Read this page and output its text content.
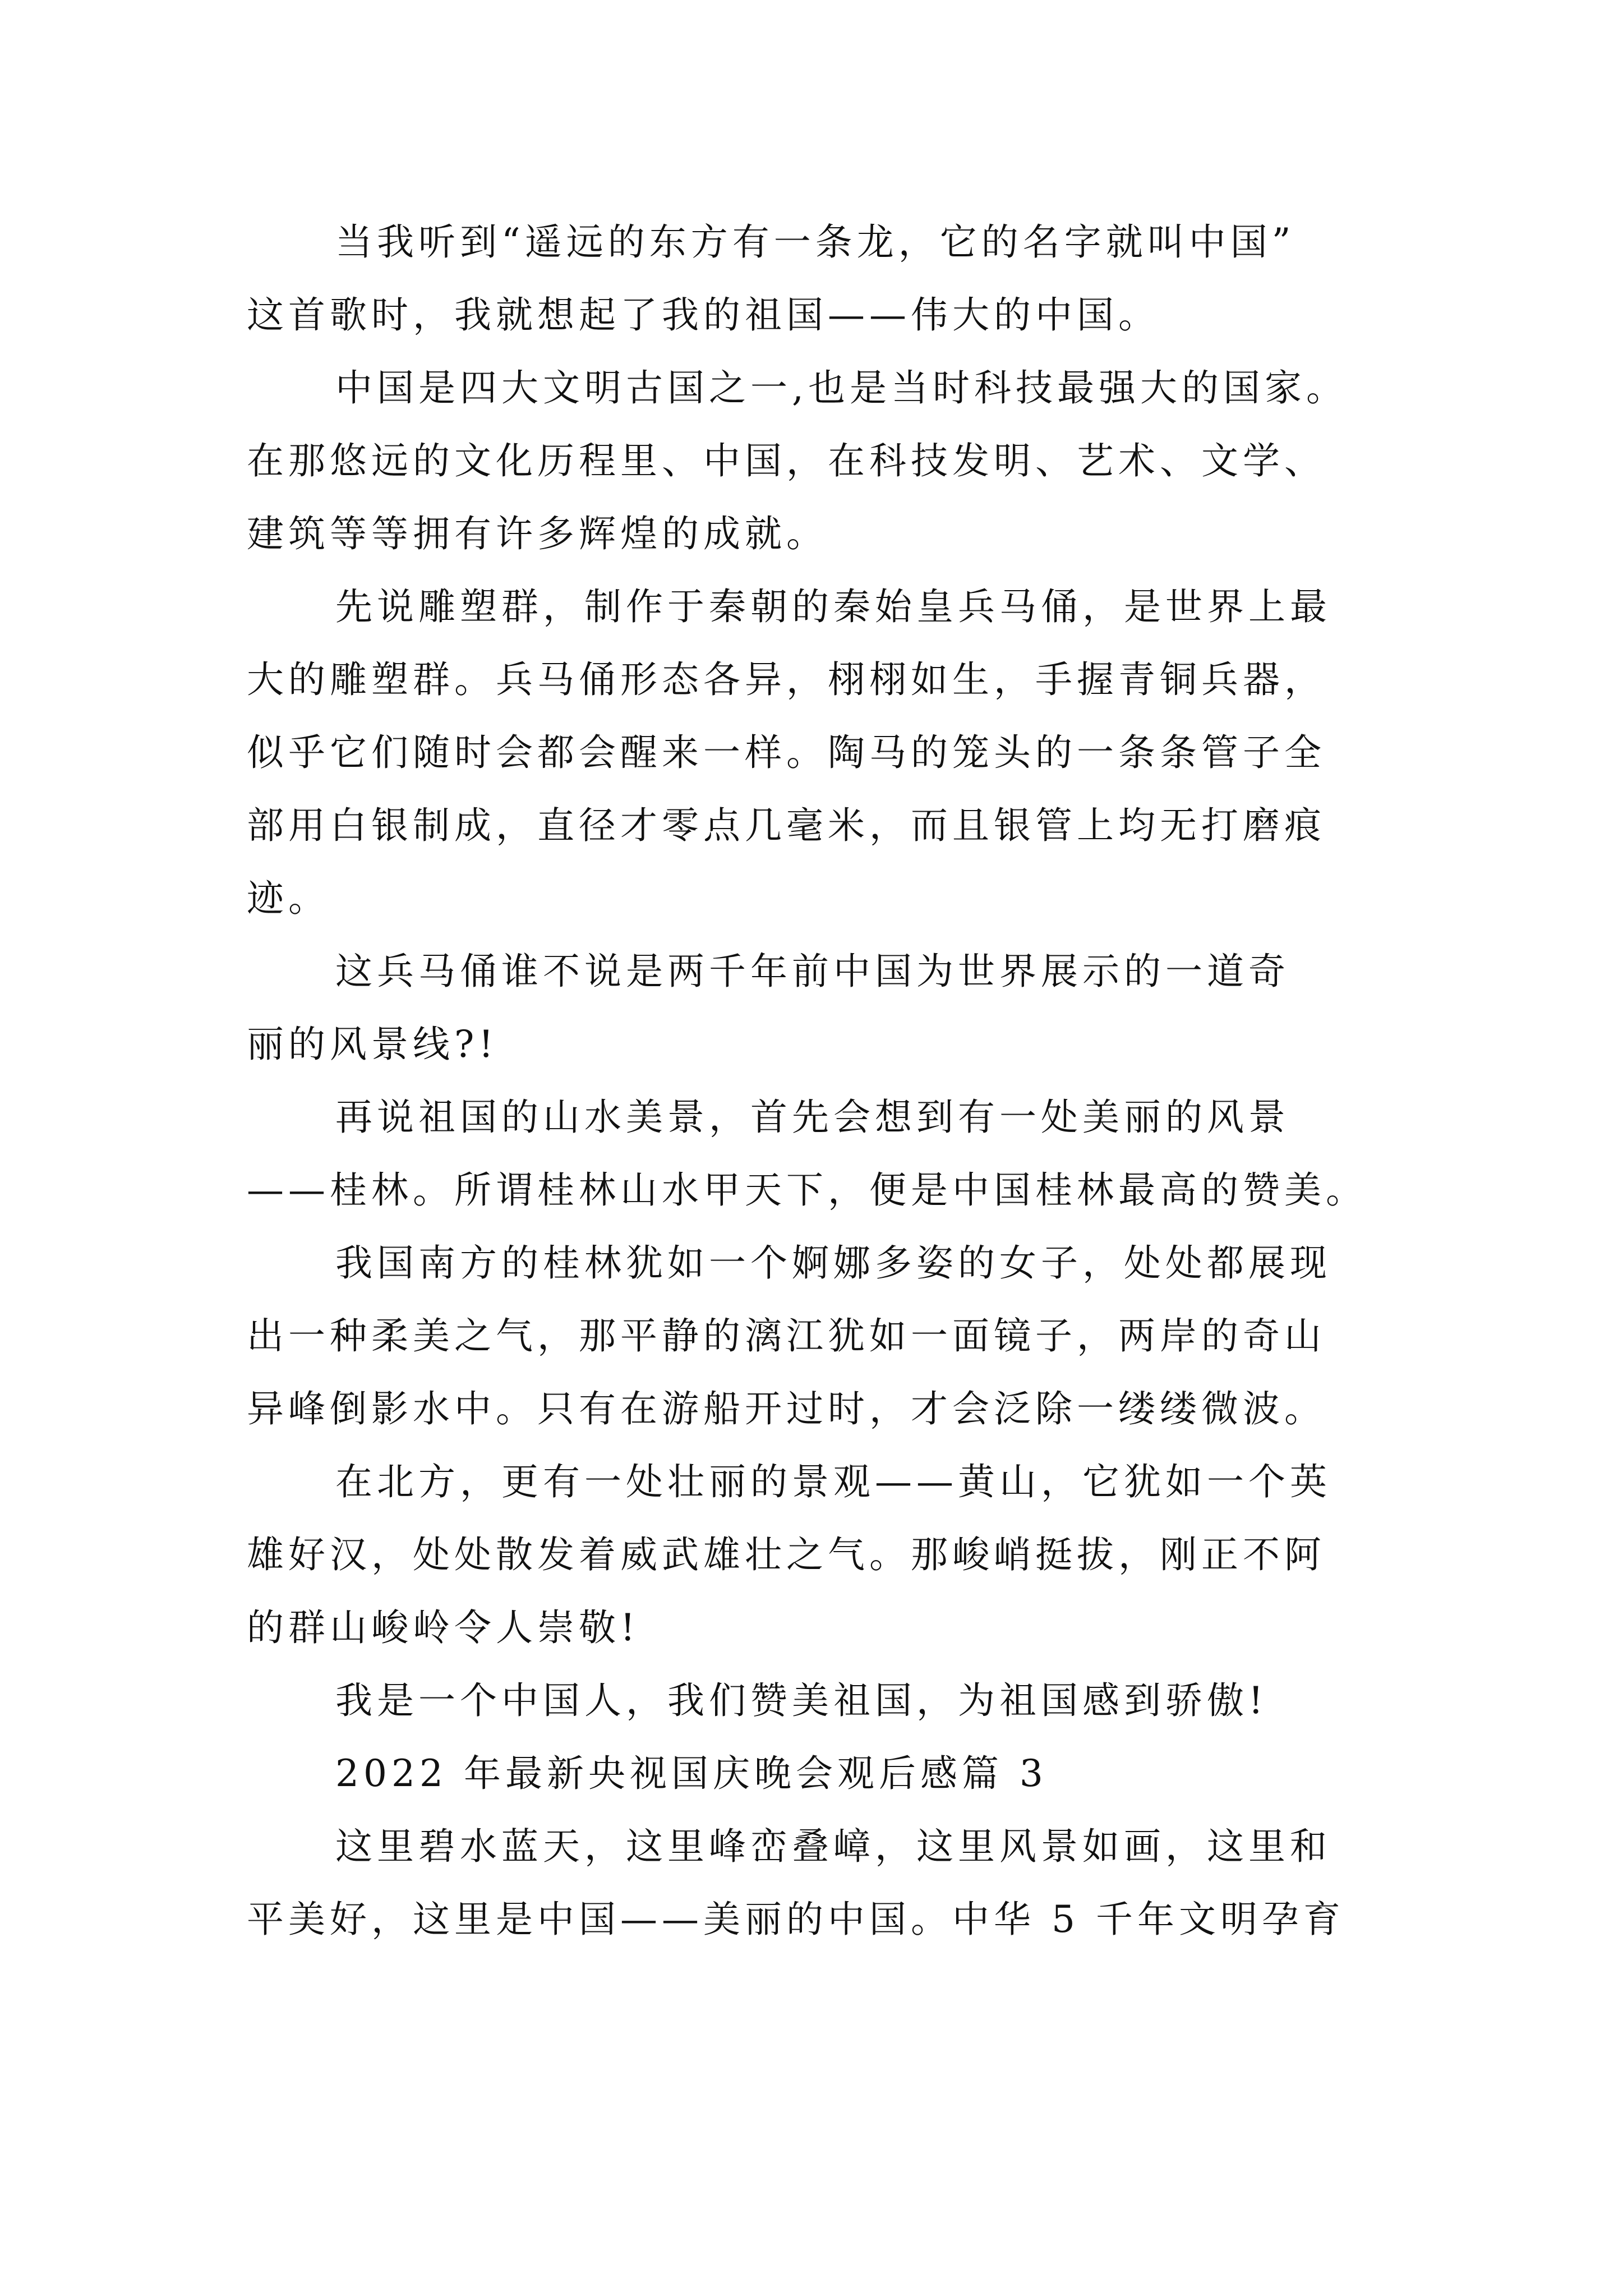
当我听到“遥远的东方有一条龙，它的名字就叫中国”

这首歌时，我就想起了我的祖国——伟大的中国。

中国是四大文明古国之一,也是当时科技最强大的国家。

在那悠远的文化历程里、中国，在科技发明、艺术、文学、

建筑等等拥有许多辉煌的成就。

先说雕塑群，制作于秦朝的秦始皇兵马俑，是世界上最

大的雕塑群。兵马俑形态各异，栩栩如生，手握青铜兵器，

似乎它们随时会都会醒来一样。陶马的笼头的一条条管子全

部用白银制成，直径才零点几毫米，而且银管上均无打磨痕

迹。

这兵马俑谁不说是两千年前中国为世界展示的一道奇

丽的风景线?!

再说祖国的山水美景，首先会想到有一处美丽的风景

——桂林。所谓桂林山水甲天下，便是中国桂林最高的赞美。

我国南方的桂林犹如一个婀娜多姿的女子，处处都展现

出一种柔美之气，那平静的漓江犹如一面镜子，两岸的奇山

异峰倒影水中。只有在游船开过时，才会泛除一缕缕微波。

在北方，更有一处壮丽的景观——黄山，它犹如一个英

雄好汉，处处散发着威武雄壮之气。那峻峭挺拔，刚正不阿

的群山峻岭令人崇敬!

我是一个中国人，我们赞美祖国，为祖国感到骄傲!

2022 年最新央视国庆晚会观后感篇 3

这里碧水蓝天，这里峰峦叠嶂，这里风景如画，这里和

平美好，这里是中国——美丽的中国。中华 5 千年文明孕育
